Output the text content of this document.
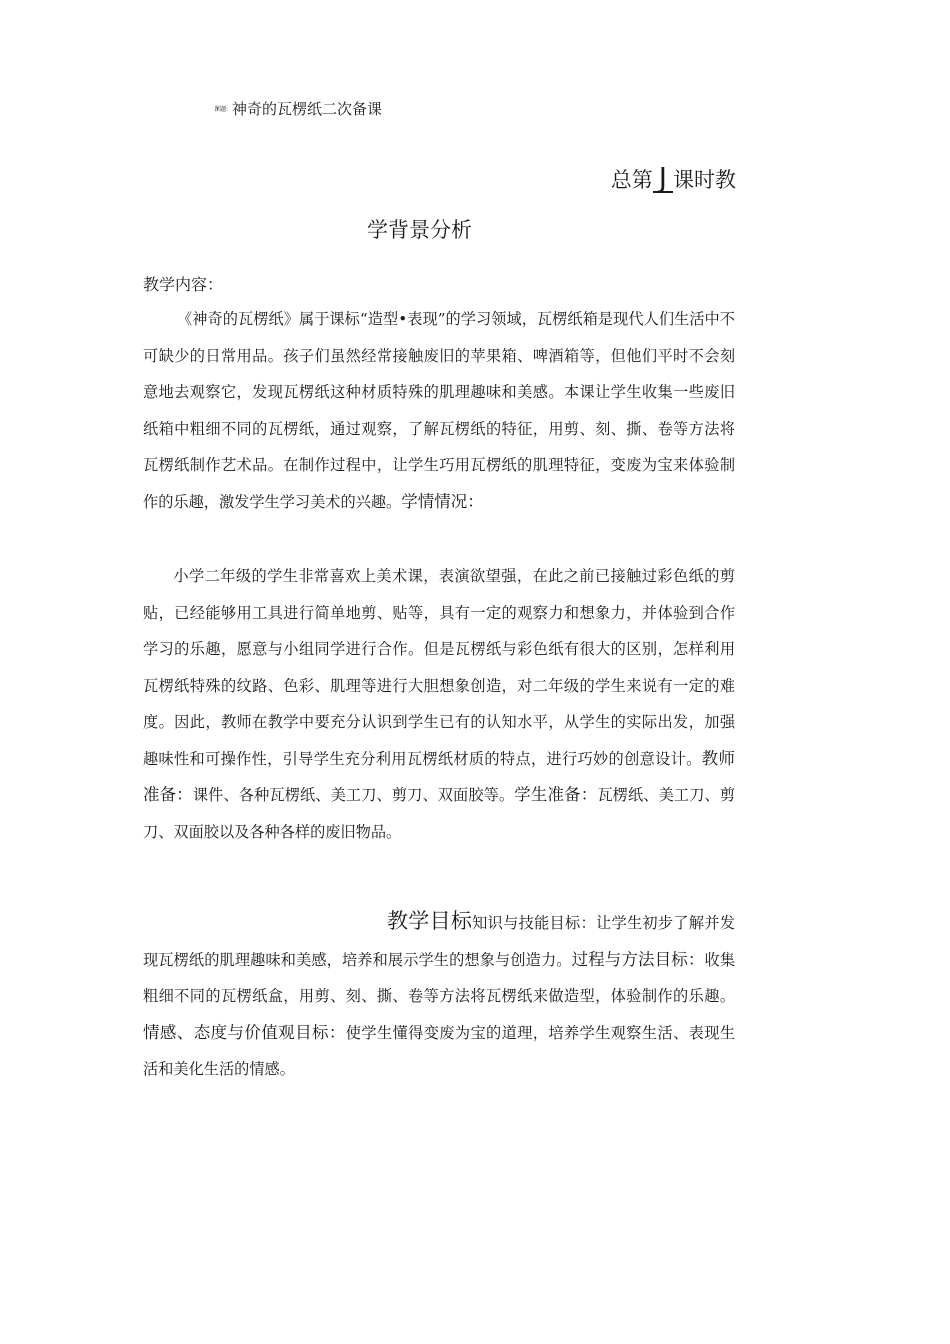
课题: 神奇的瓦楞纸二次备课
总第 J 课时教
学背景分析
教学内容：
《神奇的瓦楞纸》属于课标“造型•表现”的学习领域，瓦楞纸箱是现代人们生活中不可缺少的日常用品。孩子们虽然经常接触废旧的苹果箱、啤酒箱等，但他们平时不会刻意地去观察它，发现瓦楞纸这种材质特殊的肌理趣味和美感。本课让学生收集一些废旧纸箱中粗细不同的瓦楞纸，通过观察，了解瓦楞纸的特征，用剪、刻、撕、卷等方法将瓦楞纸制作艺术品。在制作过程中，让学生巧用瓦楞纸的肌理特征，变废为宝来体验制作的乐趣，激发学生学习美术的兴趣。学情情况：
小学二年级的学生非常喜欢上美术课，表演欲望强，在此之前已接触过彩色纸的剪贴，已经能够用工具进行简单地剪、贴等，具有一定的观察力和想象力，并体验到合作学习的乐趣，愿意与小组同学进行合作。但是瓦楞纸与彩色纸有很大的区别，怎样利用瓦楞纸特殊的纹路、色彩、肌理等进行大胆想象创造，对二年级的学生来说有一定的难度。因此，教师在教学中要充分认识到学生已有的认知水平，从学生的实际出发，加强趣味性和可操作性，引导学生充分利用瓦楞纸材质的特点，进行巧妙的创意设计。教师准备：课件、各种瓦楞纸、美工刀、剪刀、双面胶等。学生准备：瓦楞纸、美工刀、剪刀、双面胶以及各种各样的废旧物品。
教学目标知识与技能目标：让学生初步了解并发现瓦楞纸的肌理趣味和美感，培养和展示学生的想象与创造力。过程与方法目标：收集粗细不同的瓦楞纸盒，用剪、刻、撕、卷等方法将瓦楞纸来做造型，体验制作的乐趣。情感、态度与价值观目标：使学生懂得变废为宝的道理，培养学生观察生活、表现生活和美化生活的情感。
